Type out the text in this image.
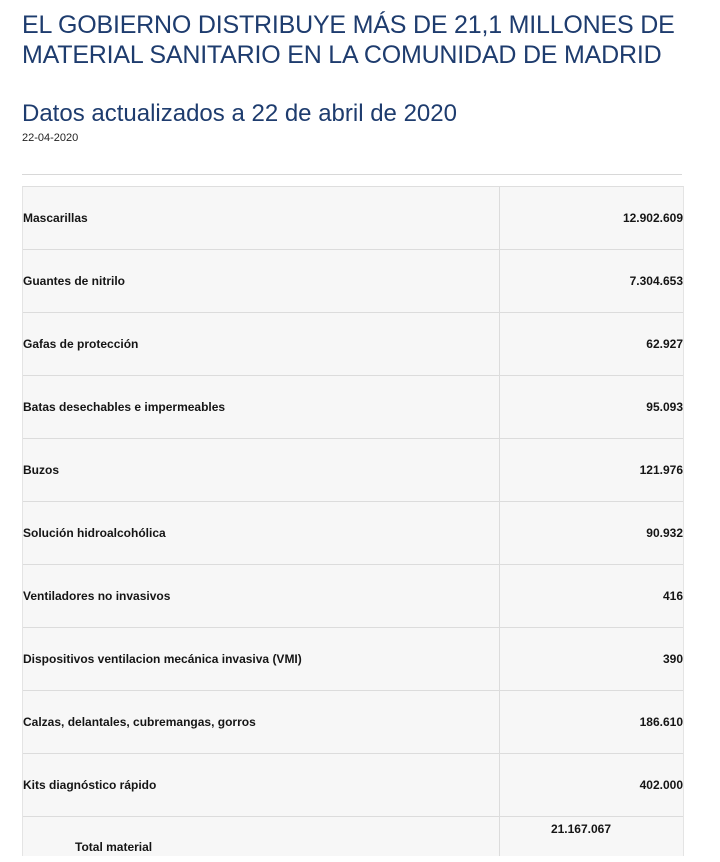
EL GOBIERNO DISTRIBUYE MÁS DE 21,1 MILLONES DE MATERIAL SANITARIO EN LA COMUNIDAD DE MADRID
Datos actualizados a 22 de abril de 2020
22-04-2020
Mascarillas	12.902.609
Guantes de nitrilo	7.304.653
Gafas de protección	62.927
Batas desechables e impermeables	95.093
Buzos	121.976
Solución hidroalcohólica	90.932
Ventiladores no invasivos	416
Dispositivos ventilacion mecánica invasiva (VMI)	390
Calzas, delantales, cubremangas, gorros	186.610
Kits diagnóstico rápido	402.000
Total material	21.167.067
